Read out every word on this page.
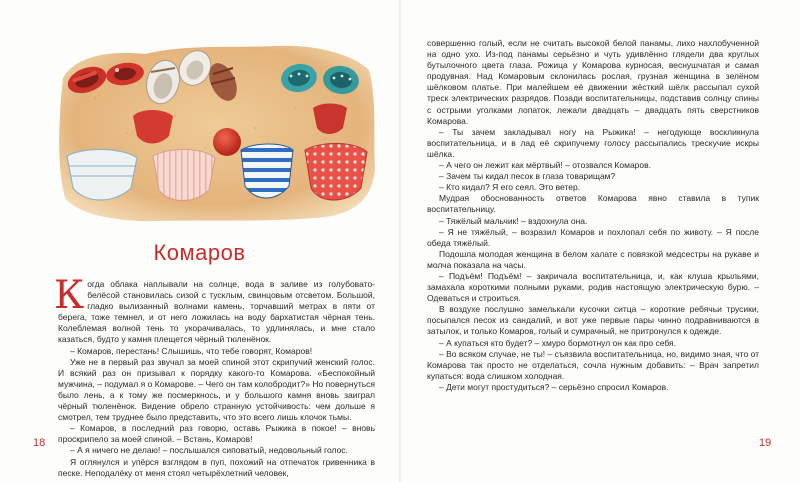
Комаров

Когда облака наплывали на солнце, вода в заливе из голубовато-белёсой становилась сизой с тусклым, свинцовым отсветом. Большой, гладко вылизанный волнами камень, торчавший метрах в пяти от берега, тоже темнел, и от него ложилась на воду бархатистая чёрная тень. Колеблемая волной тень то укорачивалась, то удлинялась, и мне стало казаться, будто у камня плещется чёрный тюленёнок.

– Комаров, перестань! Слышишь, что тебе говорят, Комаров!

Уже не в первый раз звучал за моей спиной этот скрипучий женский голос. И всякий раз он призывал к порядку какого-то Комарова. «Беспокойный мужчина, – подумал я о Комарове. – Чего он там колобродит?» Но повернуться было лень, а к тому же посмеркнось, и у большого камня вновь заиграл чёрный тюленёнок. Видение обрело странную устойчивость: чем дольше я смотрел, тем труднее было представить, что это всего лишь клочок тьмы.

– Комаров, в последний раз говорю, оставь Рыжика в покое! – вновь проскрипело за моей спиной. – Встань, Комаров!

– А я ничего не делаю! – послышался сиповатый, недовольный голос.

Я оглянулся и упёрся взглядом в пуп, похожий на отпечаток гривенника в песке. Неподалёку от меня стоял четырёхлетний человек,

18

совершенно голый, если не считать высокой белой панамы, лихо нахлобученной на одно ухо. Из-под панамы серьёзно и чуть удивлённо глядели два круглых бутылочного цвета глаза. Рожица у Комарова курносая, веснушчатая и самая продувная. Над Комаровым склонилась рослая, грузная женщина в зелёном шёлковом платье. При малейшем её движении жёсткий шёлк рассыпал сухой треск электрических разрядов. Позади воспитательницы, подставив солнцу спины с острыми уголками лопаток, лежали двадцать – двадцать пять сверстников Комарова.

– Ты зачем закладывал ногу на Рыжика! – негодующе воскликнула воспитательница, и в лад её скрипучему голосу рассыпались трескучие искры шёлка.

– А чего он лежит как мёртвый! – отозвался Комаров.

– Зачем ты кидал песок в глаза товарищам?

– Кто кидал? Я его сеял. Это ветер.

Мудрая обоснованность ответов Комарова явно ставила в тупик воспитательницу.

– Тяжёлый мальчик! – вздохнула она.

– Я не тяжёлый, – возразил Комаров и похлопал себя по животу. – Я после обеда тяжёлый.

Подошла молодая женщина в белом халате с повязкой медсестры на рукаве и молча показала на часы.

– Подъём! Подъём! – закричала воспитательница, и, как клуша крыльями, замахала короткими полными руками, родив настоящую электрическую бурю. – Одеваться и строиться.

В воздухе послушно замелькали кусочки ситца – короткие ребячьи трусики, посыпался песок из сандалий, и вот уже первые пары чинно подравниваются в затылок, и только Комаров, голый и сумрачный, не притронулся к одежде.

– А купаться кто будет? – хмуро бормотнул он как про себя.

– Во всяком случае, не ты! – съязвила воспитательница, но, видимо зная, что от Комарова так просто не отделаться, сочла нужным добавить: – Врач запретил купаться: вода слишком холодная.

– Дети могут простудиться? – серьёзно спросил Комаров.

19
